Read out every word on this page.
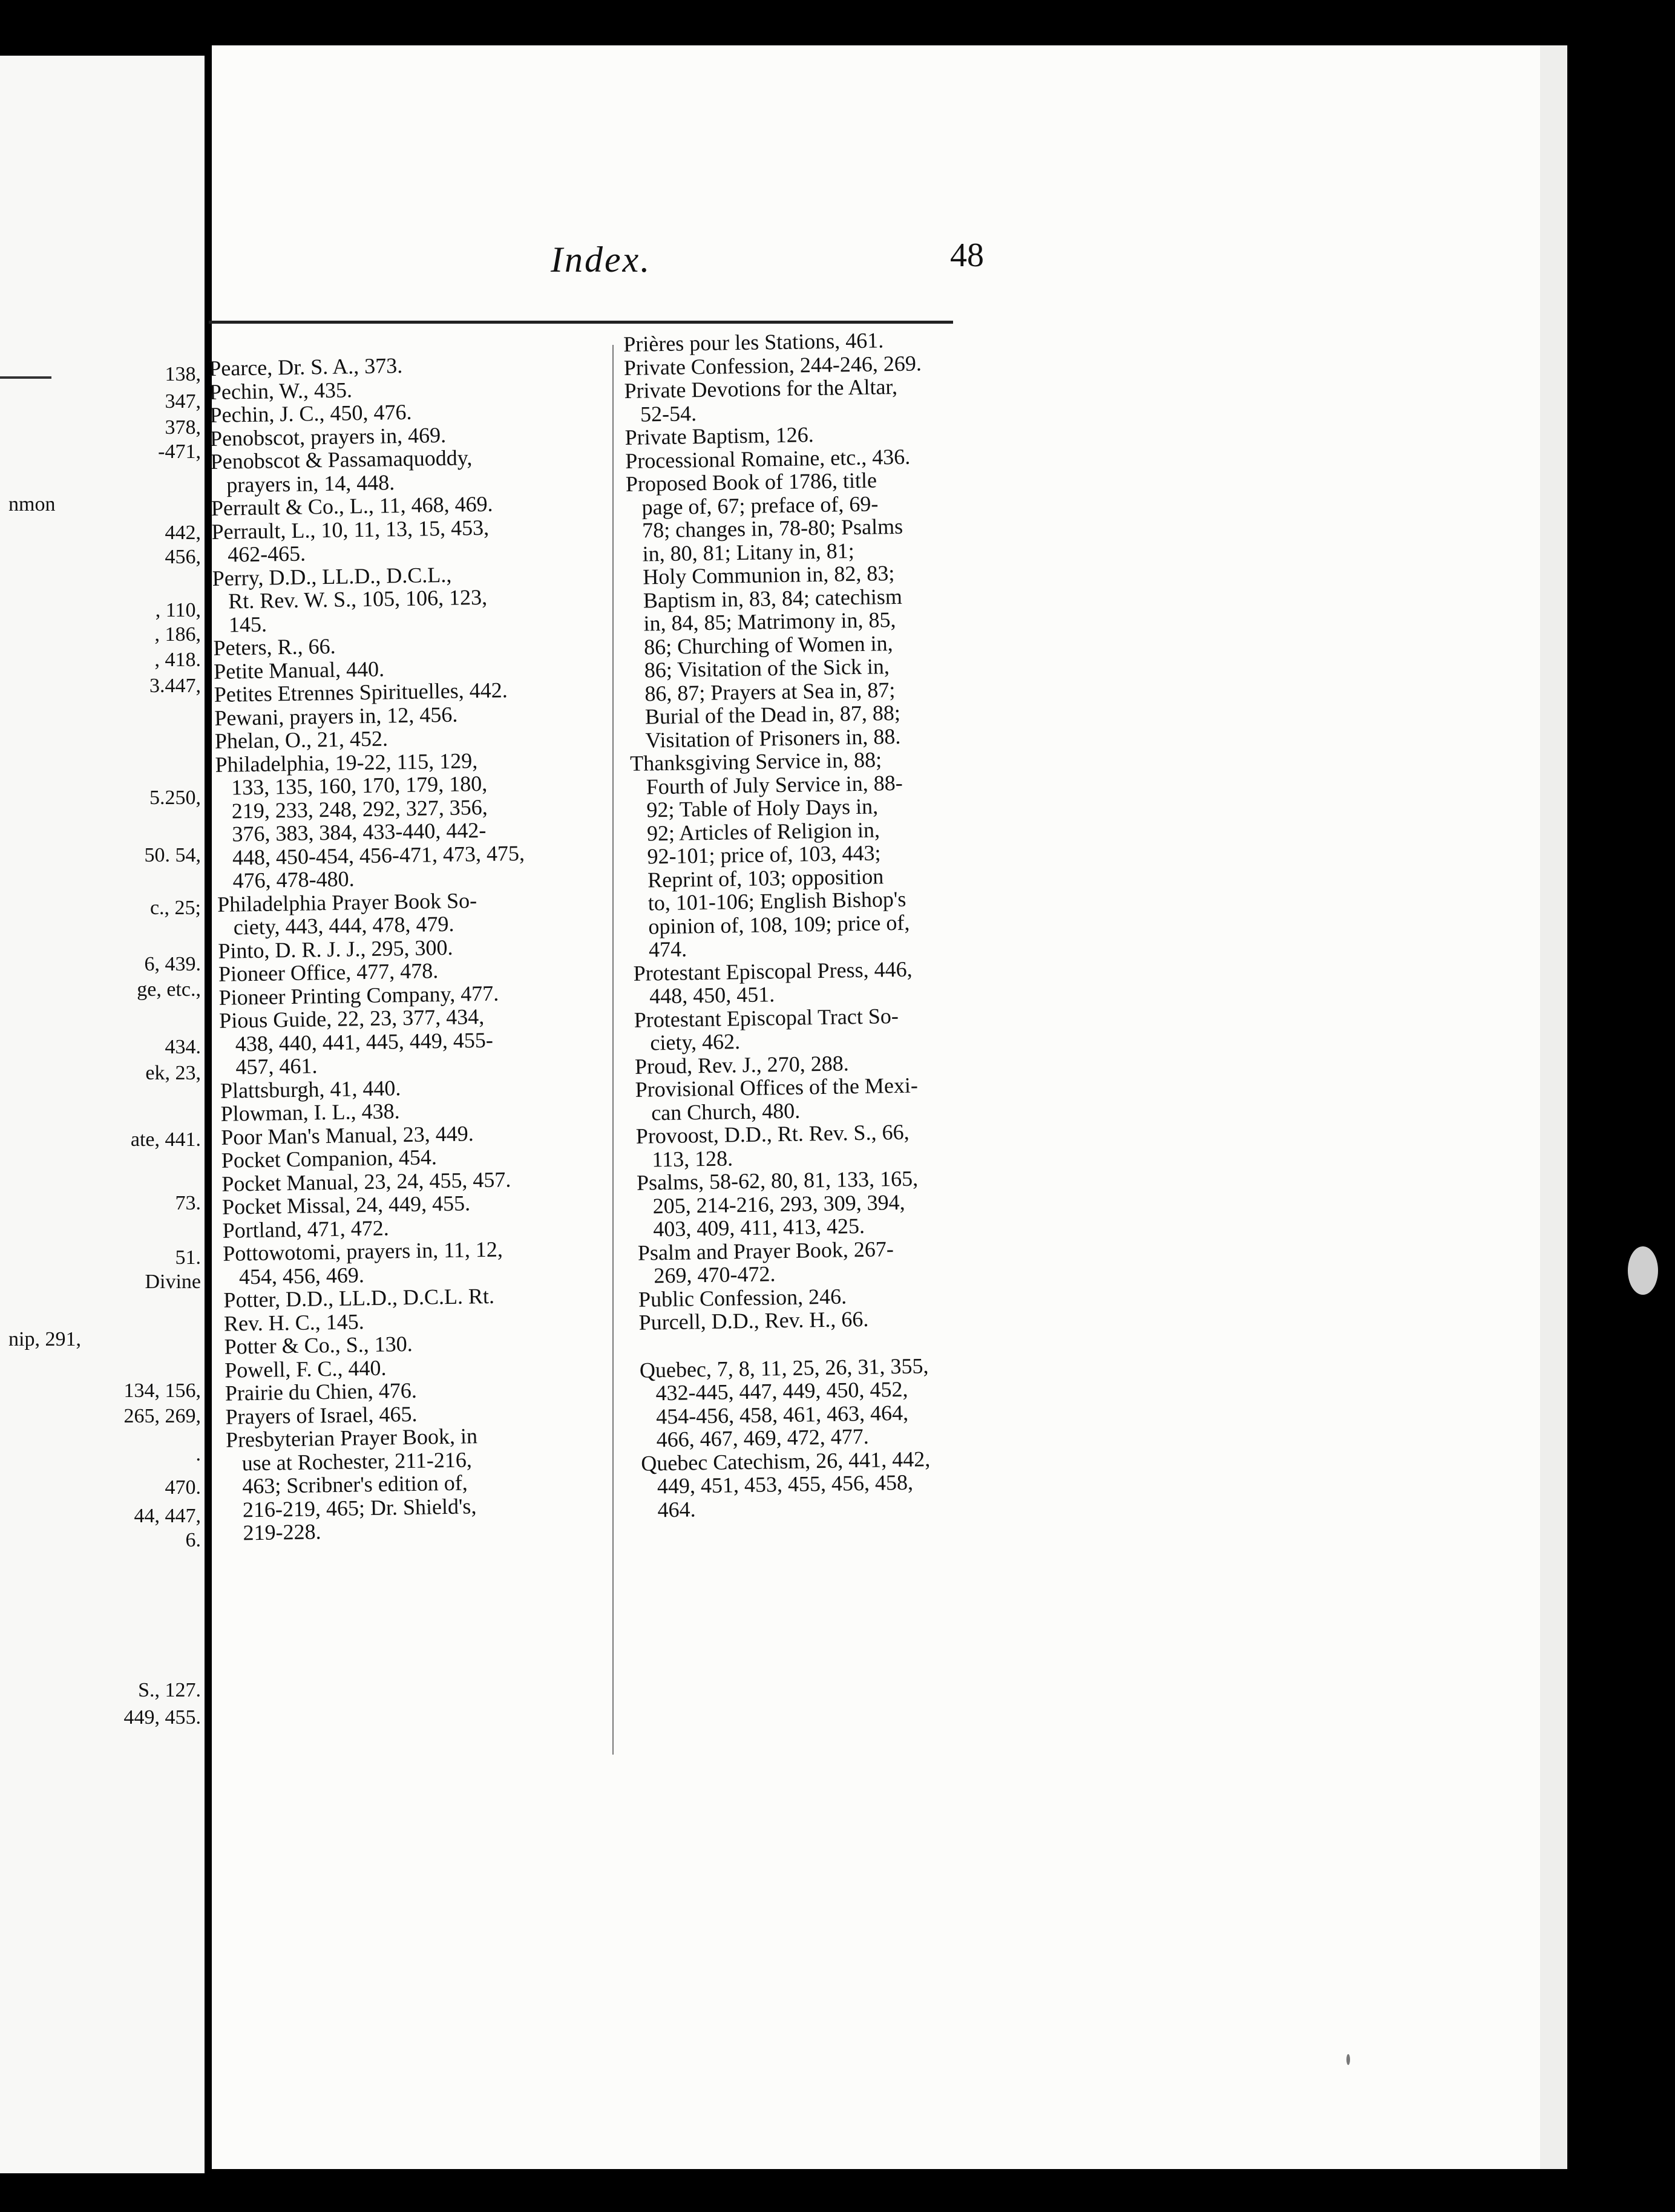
138,
347,
378,
-471,
nmon
442,
456,
, 110,
, 186,
, 418.
3.447,
5.250,
50. 54,
c., 25;
6, 439.
ge, etc.,
434.
ek, 23,
ate, 441.
73.
51.
Divine
nip, 291,
134, 156,
265, 269,
.
470.
44, 447,
6.
S., 127.
449, 455.
Index.	48
Pearce, Dr. S. A., 373.
Pechin, W., 435.
Pechin, J. C., 450, 476.
Penobscot, prayers in, 469.
Penobscot & Passamaquoddy,
prayers in, 14, 448.
Perrault & Co., L., 11, 468, 469.
Perrault, L., 10, 11, 13, 15, 453,
462-465.
Perry, D.D., LL.D., D.C.L.,
Rt. Rev. W. S., 105, 106, 123,
145.
Peters, R., 66.
Petite Manual, 440.
Petites Etrennes Spirituelles, 442.
Pewani, prayers in, 12, 456.
Phelan, O., 21, 452.
Philadelphia, 19-22, 115, 129,
133, 135, 160, 170, 179, 180,
219, 233, 248, 292, 327, 356,
376, 383, 384, 433-440, 442-
448, 450-454, 456-471, 473, 475,
476, 478-480.
Philadelphia Prayer Book So-
ciety, 443, 444, 478, 479.
Pinto, D. R. J. J., 295, 300.
Pioneer Office, 477, 478.
Pioneer Printing Company, 477.
Pious Guide, 22, 23, 377, 434,
438, 440, 441, 445, 449, 455-
457, 461.
Plattsburgh, 41, 440.
Plowman, I. L., 438.
Poor Man's Manual, 23, 449.
Pocket Companion, 454.
Pocket Manual, 23, 24, 455, 457.
Pocket Missal, 24, 449, 455.
Portland, 471, 472.
Pottowotomi, prayers in, 11, 12,
454, 456, 469.
Potter, D.D., LL.D., D.C.L. Rt.
Rev. H. C., 145.
Potter & Co., S., 130.
Powell, F. C., 440.
Prairie du Chien, 476.
Prayers of Israel, 465.
Presbyterian Prayer Book, in
use at Rochester, 211-216,
463; Scribner's edition of,
216-219, 465; Dr. Shield's,
219-228.
Prières pour les Stations, 461.
Private Confession, 244-246, 269.
Private Devotions for the Altar,
52-54.
Private Baptism, 126.
Processional Romaine, etc., 436.
Proposed Book of 1786, title
page of, 67; preface of, 69-
78; changes in, 78-80; Psalms
in, 80, 81; Litany in, 81;
Holy Communion in, 82, 83;
Baptism in, 83, 84; catechism
in, 84, 85; Matrimony in, 85,
86; Churching of Women in,
86; Visitation of the Sick in,
86, 87; Prayers at Sea in, 87;
Burial of the Dead in, 87, 88;
Visitation of Prisoners in, 88.
Thanksgiving Service in, 88;
Fourth of July Service in, 88-
92; Table of Holy Days in,
92; Articles of Religion in,
92-101; price of, 103, 443;
Reprint of, 103; opposition
to, 101-106; English Bishop's
opinion of, 108, 109; price of,
474.
Protestant Episcopal Press, 446,
448, 450, 451.
Protestant Episcopal Tract So-
ciety, 462.
Proud, Rev. J., 270, 288.
Provisional Offices of the Mexi-
can Church, 480.
Provoost, D.D., Rt. Rev. S., 66,
113, 128.
Psalms, 58-62, 80, 81, 133, 165,
205, 214-216, 293, 309, 394,
403, 409, 411, 413, 425.
Psalm and Prayer Book, 267-
269, 470-472.
Public Confession, 246.
Purcell, D.D., Rev. H., 66.
Quebec, 7, 8, 11, 25, 26, 31, 355,
432-445, 447, 449, 450, 452,
454-456, 458, 461, 463, 464,
466, 467, 469, 472, 477.
Quebec Catechism, 26, 441, 442,
449, 451, 453, 455, 456, 458,
464.
